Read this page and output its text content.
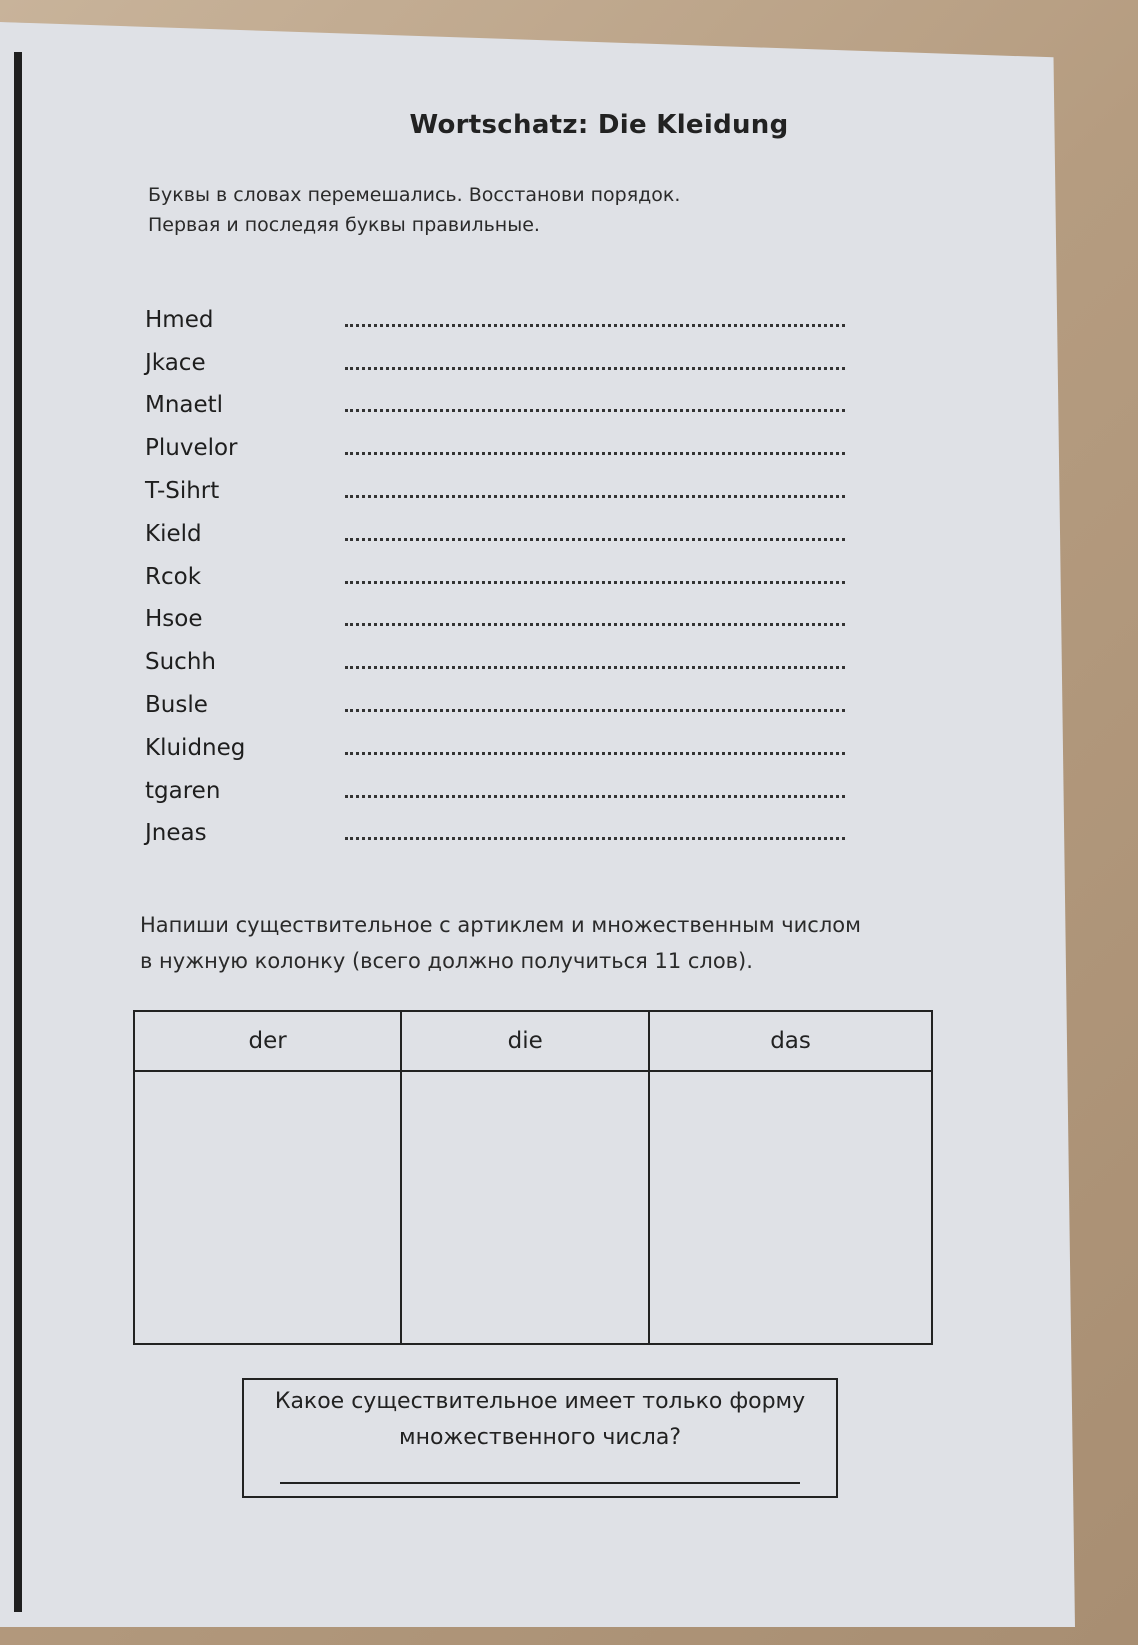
Wortschatz: Die Kleidung
Буквы в словах перемешались. Восстанови порядок.
Первая и последяя буквы правильные.
Hmed
Jkace
Mnaetl
Pluvelor
T-Sihrt
Kield
Rcok
Hsoe
Suchh
Busle
Kluidneg
tgaren
Jneas
Напиши существительное с артиклем и множественным числом
в нужную колонку (всего должно получиться 11 слов).
der	die	das

Какое существительное имеет только форму
множественного числа?
